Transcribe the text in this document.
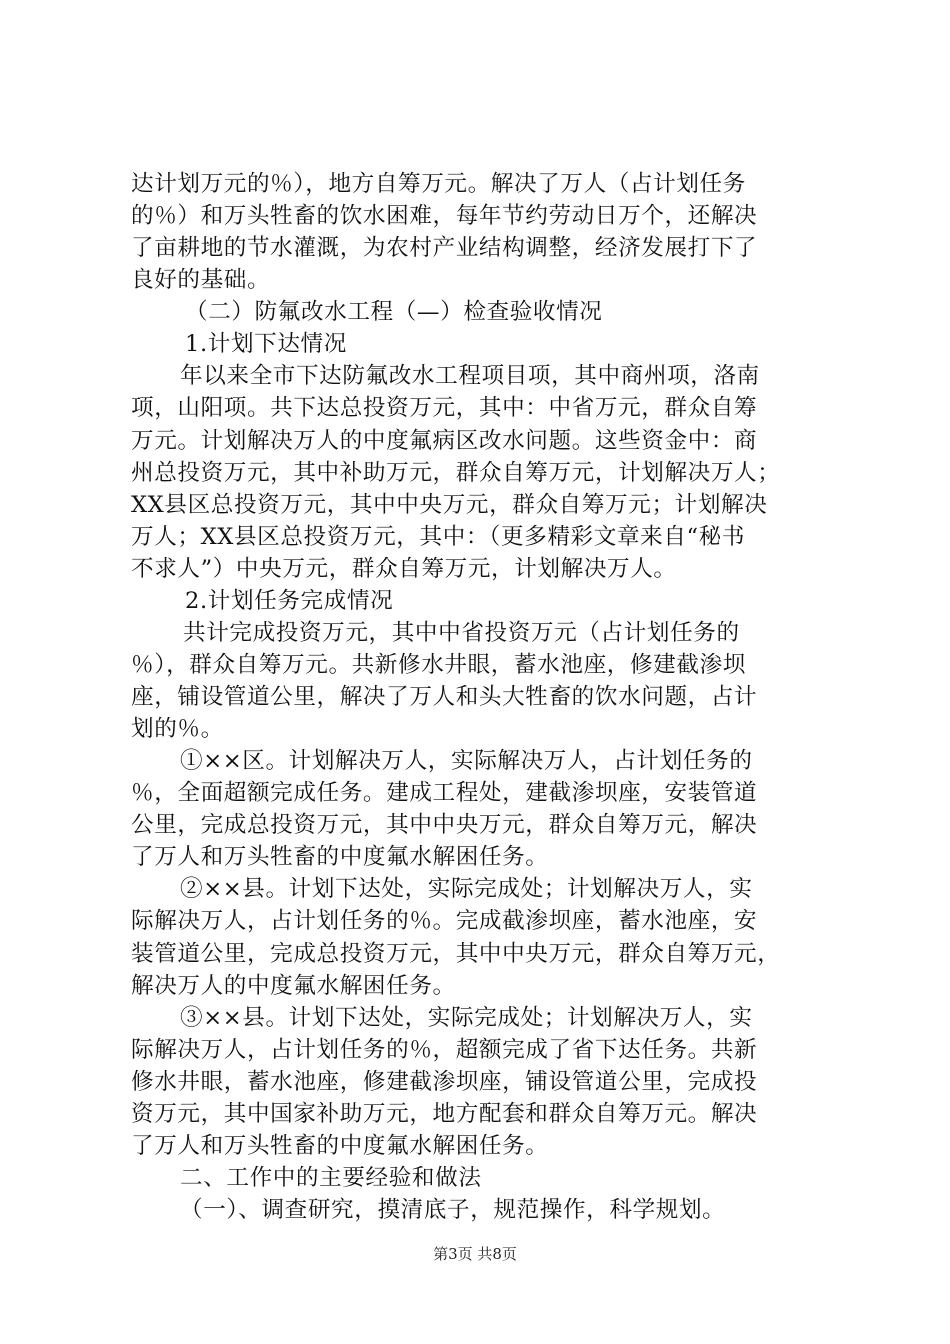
达计划万元的％），地方自筹万元。解决了万人（占计划任务
的％）和万头牲畜的饮水困难，每年节约劳动日万个，还解决
了亩耕地的节水灌溉，为农村产业结构调整，经济发展打下了
良好的基础。
（二）防氟改水工程（—）检查验收情况
1.计划下达情况
年以来全市下达防氟改水工程项目项，其中商州项，洛南
项，山阳项。共下达总投资万元，其中：中省万元，群众自筹
万元。计划解决万人的中度氟病区改水问题。这些资金中：商
州总投资万元，其中补助万元，群众自筹万元，计划解决万人；
XX县区总投资万元，其中中央万元，群众自筹万元；计划解决
万人；XX县区总投资万元，其中：（更多精彩文章来自“秘书
不求人”）中央万元，群众自筹万元，计划解决万人。
2.计划任务完成情况
共计完成投资万元，其中中省投资万元（占计划任务的
％），群众自筹万元。共新修水井眼，蓄水池座，修建截渗坝
座，铺设管道公里，解决了万人和头大牲畜的饮水问题，占计
划的％。
①××区。计划解决万人，实际解决万人，占计划任务的
％，全面超额完成任务。建成工程处，建截渗坝座，安装管道
公里，完成总投资万元，其中中央万元，群众自筹万元，解决
了万人和万头牲畜的中度氟水解困任务。
②××县。计划下达处，实际完成处；计划解决万人，实
际解决万人，占计划任务的％。完成截渗坝座，蓄水池座，安
装管道公里，完成总投资万元，其中中央万元，群众自筹万元，
解决万人的中度氟水解困任务。
③××县。计划下达处，实际完成处；计划解决万人，实
际解决万人，占计划任务的％，超额完成了省下达任务。共新
修水井眼，蓄水池座，修建截渗坝座，铺设管道公里，完成投
资万元，其中国家补助万元，地方配套和群众自筹万元。解决
了万人和万头牲畜的中度氟水解困任务。
二、工作中的主要经验和做法
（一）、调查研究，摸清底子，规范操作，科学规划。
第3页 共8页
